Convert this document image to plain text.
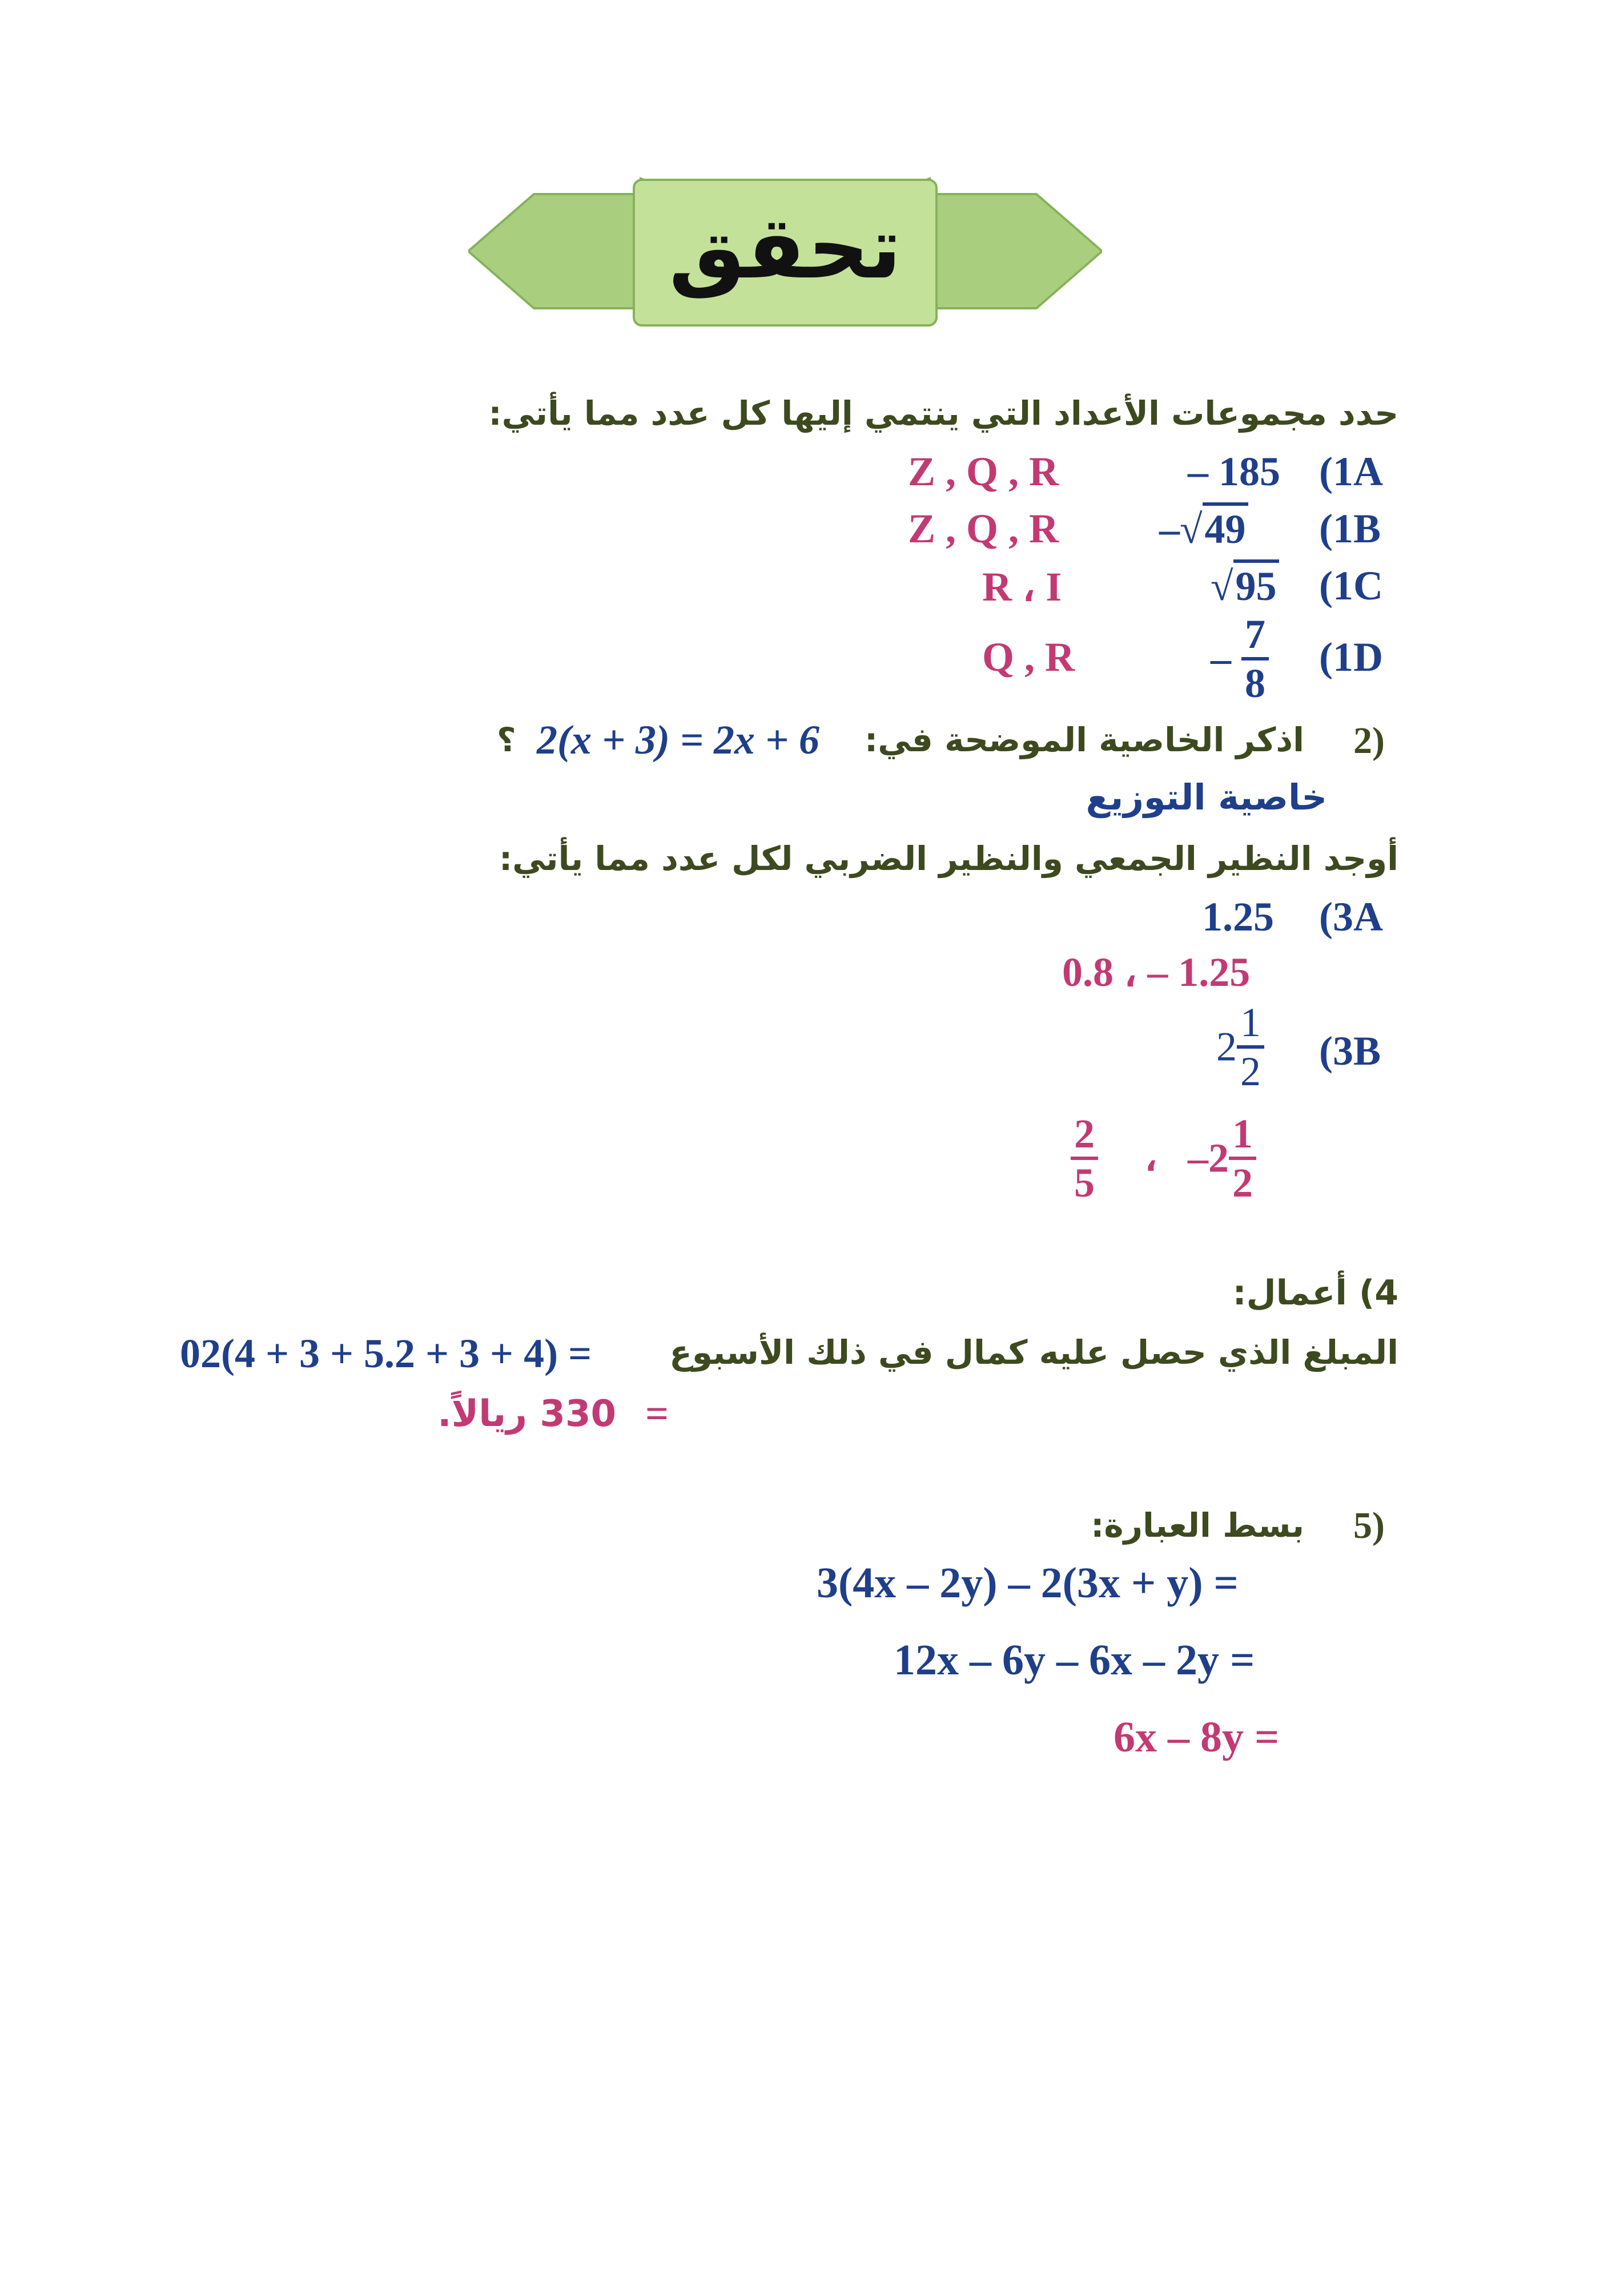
تحقق
حدد مجموعات الأعداد التي ينتمي إليها كل عدد مما يأتي:
(1A
– 185
Z , Q , R
(1B
– √ 49
Z , Q , R
(1C
√ 95
R ، I
(1D
– $\frac{7}{8}$
Q , R
2)
اذكر الخاصية الموضحة في:
2(x + 3) = 2x + 6
؟
خاصية التوزيع
أوجد النظير الجمعي والنظير الضربي لكل عدد مما يأتي:
(3A
1.25
0.8 ، – 1.25
(3B
$2 \frac{1}{2}$
$\frac{2}{5}$ ، $-2 \frac{1}{2}$
4) أعمال:
المبلغ الذي حصل عليه كمال في ذلك الأسبوع
= (4 + 3 + 2.5 + 3 + 4)20
=
330 ريالاً.
5)
بسط العبارة:
3(4x – 2y) – 2(3x + y) =
12x – 6y – 6x – 2y =
6x – 8y =
